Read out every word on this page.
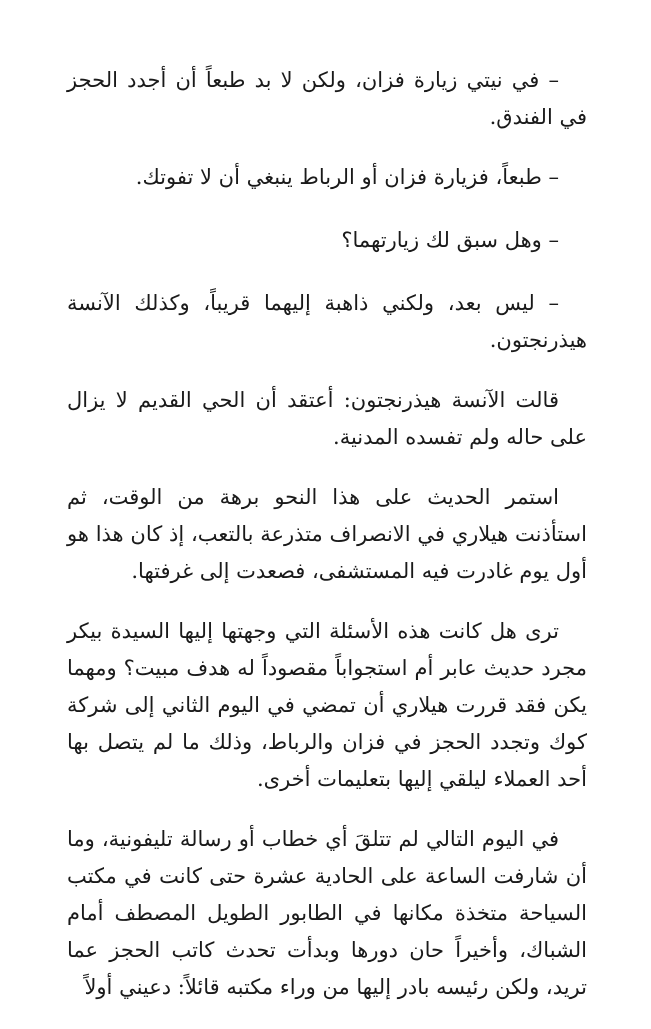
– في نيتي زيارة فزان، ولكن لا بد طبعاً أن أجدد الحجز في الفندق.

– طبعاً، فزيارة فزان أو الرباط ينبغي أن لا تفوتك.

– وهل سبق لك زيارتهما؟

– ليس بعد، ولكني ذاهبة إليهما قريباً، وكذلك الآنسة هيذرنجتون.

قالت الآنسة هيذرنجتون: أعتقد أن الحي القديم لا يزال على حاله ولم تفسده المدنية.

استمر الحديث على هذا النحو برهة من الوقت، ثم استأذنت هيلاري في الانصراف متذرعة بالتعب، إذ كان هذا هو أول يوم غادرت فيه المستشفى، فصعدت إلى غرفتها.

ترى هل كانت هذه الأسئلة التي وجهتها إليها السيدة بيكر مجرد حديث عابر أم استجواباً مقصوداً له هدف مبيت؟ ومهما يكن فقد قررت هيلاري أن تمضي في اليوم الثاني إلى شركة كوك وتجدد الحجز في فزان والرباط، وذلك ما لم يتصل بها أحد العملاء ليلقي إليها بتعليمات أخرى.

في اليوم التالي لم تتلقَ أي خطاب أو رسالة تليفونية، وما أن شارفت الساعة على الحادية عشرة حتى كانت في مكتب السياحة متخذة مكانها في الطابور الطويل المصطف أمام الشباك، وأخيراً حان دورها وبدأت تحدث كاتب الحجز عما تريد، ولكن رئيسه بادر إليها من وراء مكتبه قائلاً: دعيني أولاً
